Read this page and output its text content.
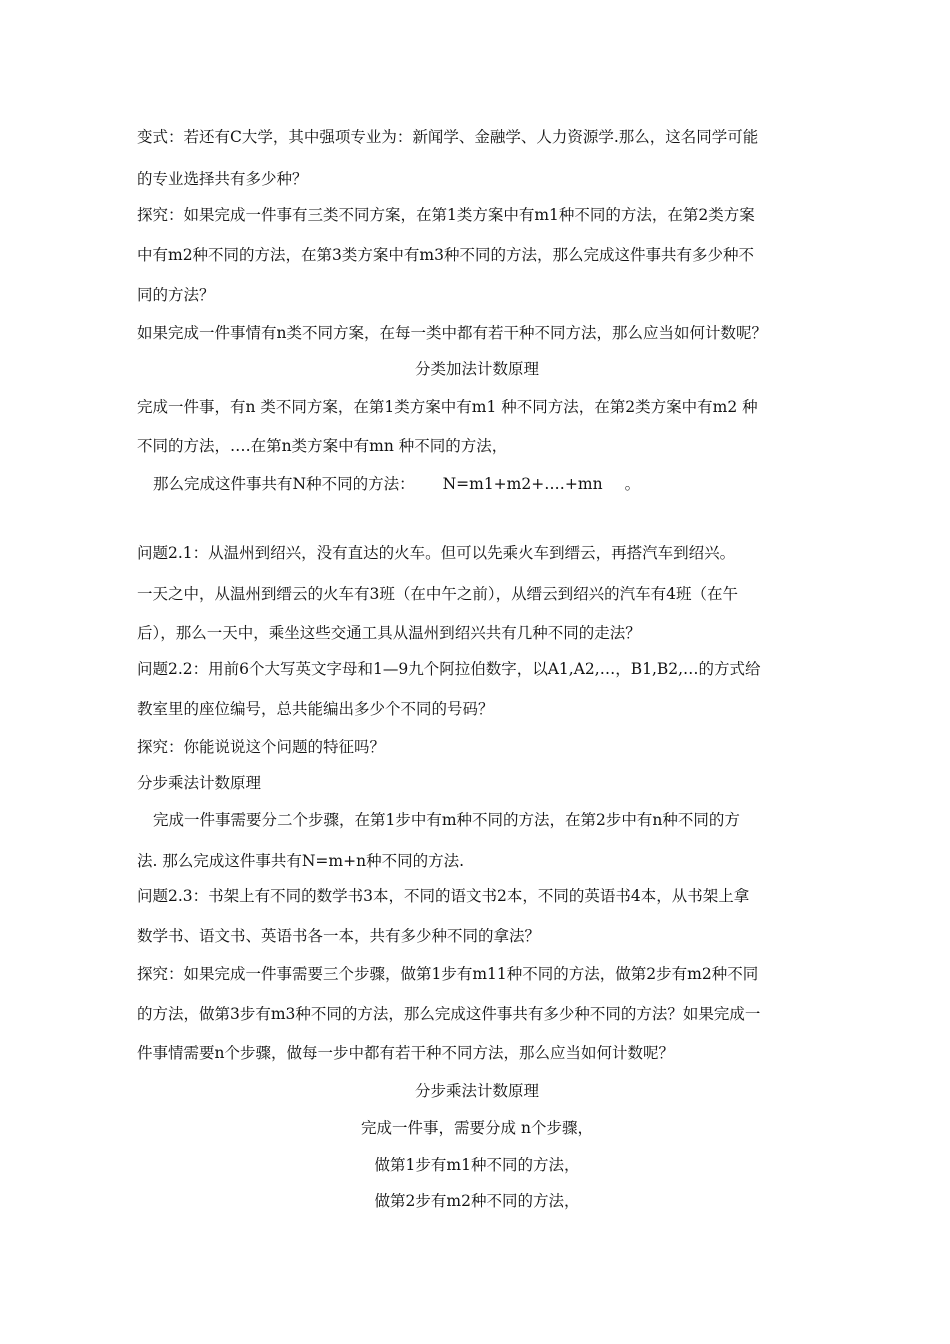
变式：若还有C大学，其中强项专业为：新闻学、金融学、人力资源学.那么，这名同学可能
的专业选择共有多少种？
探究：如果完成一件事有三类不同方案，在第1类方案中有m1种不同的方法，在第2类方案
中有m2种不同的方法，在第3类方案中有m3种不同的方法，那么完成这件事共有多少种不
同的方法？
如果完成一件事情有n类不同方案，在每一类中都有若干种不同方法，那么应当如何计数呢？
分类加法计数原理
完成一件事，有n 类不同方案，在第1类方案中有m1 种不同方法，在第2类方案中有m2 种
不同的方法，‥‥在第n类方案中有mn 种不同的方法，
那么完成这件事共有N种不同的方法： N=m1+m2+‥‥+mn 。
问题2.1：从温州到绍兴，没有直达的火车。但可以先乘火车到缙云，再搭汽车到绍兴。
一天之中，从温州到缙云的火车有3班（在中午之前），从缙云到绍兴的汽车有4班（在午
后），那么一天中，乘坐这些交通工具从温州到绍兴共有几种不同的走法？
问题2.2：用前6个大写英文字母和1—9九个阿拉伯数字，以A1,A2,…，B1,B2,…的方式给
教室里的座位编号，总共能编出多少个不同的号码？
探究：你能说说这个问题的特征吗？
分步乘法计数原理
完成一件事需要分二个步骤，在第1步中有m种不同的方法，在第2步中有n种不同的方
法. 那么完成这件事共有N=m+n种不同的方法.
问题2.3：书架上有不同的数学书3本，不同的语文书2本，不同的英语书4本，从书架上拿
数学书、语文书、英语书各一本，共有多少种不同的拿法？
探究：如果完成一件事需要三个步骤，做第1步有m11种不同的方法，做第2步有m2种不同
的方法，做第3步有m3种不同的方法，那么完成这件事共有多少种不同的方法？如果完成一
件事情需要n个步骤，做每一步中都有若干种不同方法，那么应当如何计数呢？
分步乘法计数原理
完成一件事，需要分成 n个步骤，
做第1步有m1种不同的方法，
做第2步有m2种不同的方法，
